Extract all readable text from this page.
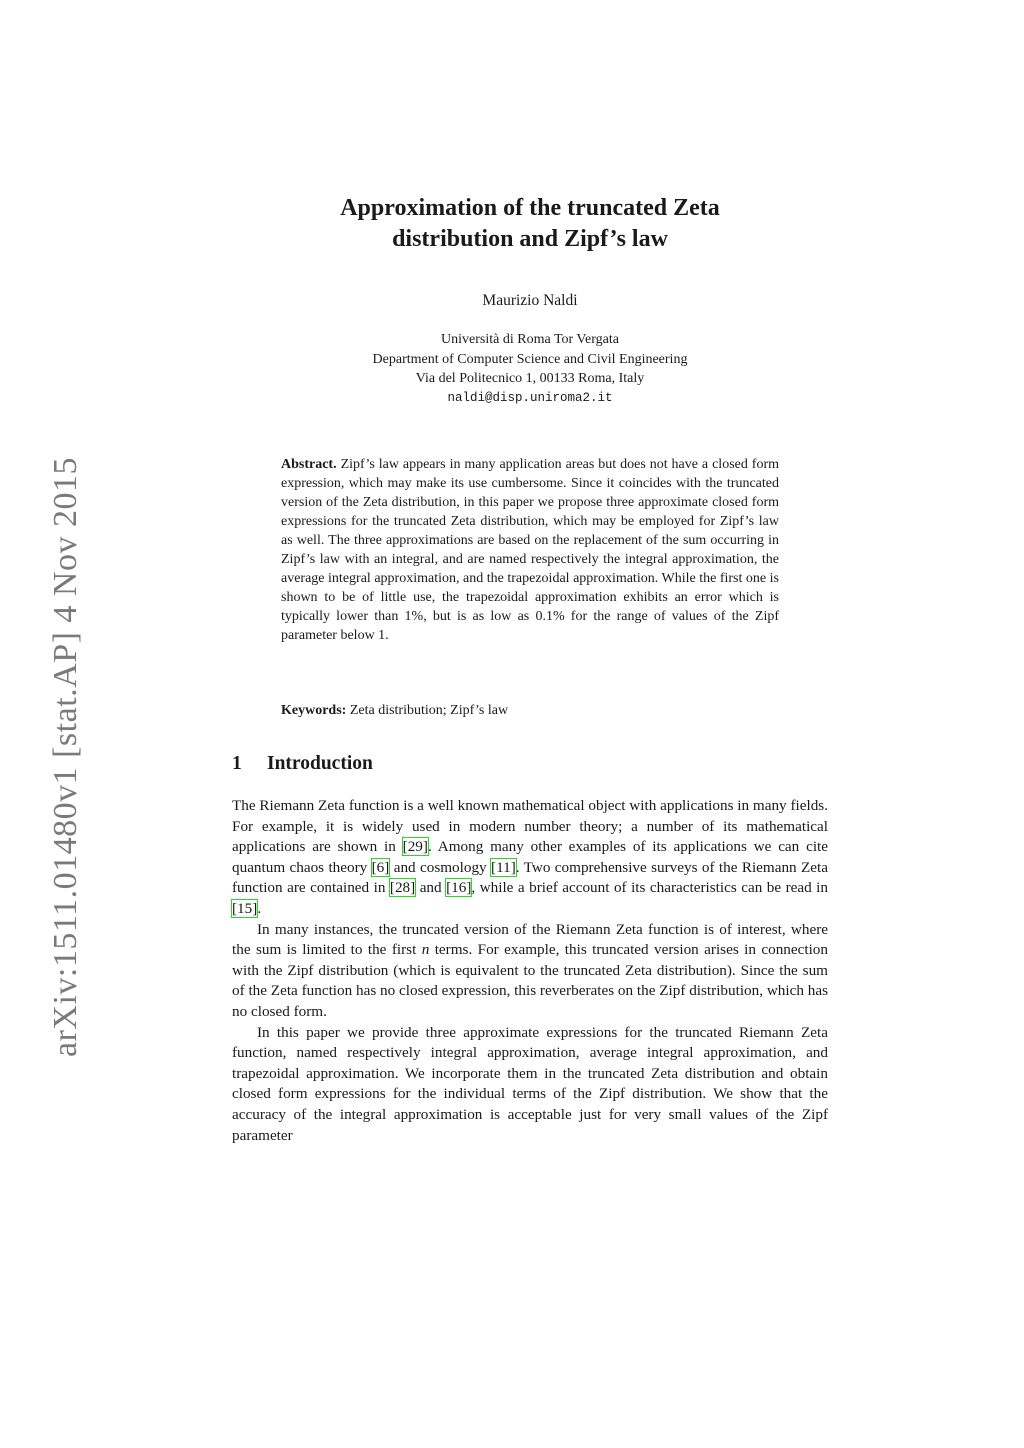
arXiv:1511.01480v1 [stat.AP] 4 Nov 2015
Approximation of the truncated Zeta
distribution and Zipf’s law
Maurizio Naldi
Università di Roma Tor Vergata
Department of Computer Science and Civil Engineering
Via del Politecnico 1, 00133 Roma, Italy
naldi@disp.uniroma2.it
Abstract. Zipf’s law appears in many application areas but does not have a closed form expression, which may make its use cumbersome. Since it coincides with the truncated version of the Zeta distribution, in this paper we propose three approximate closed form expressions for the truncated Zeta distribution, which may be employed for Zipf’s law as well. The three approximations are based on the replacement of the sum occurring in Zipf’s law with an integral, and are named respectively the integral approximation, the average integral approximation, and the trapezoidal approximation. While the first one is shown to be of little use, the trapezoidal approximation exhibits an error which is typically lower than 1%, but is as low as 0.1% for the range of values of the Zipf parameter below 1.
Keywords: Zeta distribution; Zipf’s law
1 Introduction

The Riemann Zeta function is a well known mathematical object with applications in many fields. For example, it is widely used in modern number theory; a number of its mathematical applications are shown in [29]. Among many other examples of its applications we can cite quantum chaos theory [6] and cosmology [11]. Two comprehensive surveys of the Riemann Zeta function are contained in [28] and [16], while a brief account of its characteristics can be read in [15].

In many instances, the truncated version of the Riemann Zeta function is of interest, where the sum is limited to the first n terms. For example, this truncated version arises in connection with the Zipf distribution (which is equivalent to the truncated Zeta distribution). Since the sum of the Zeta function has no closed expression, this reverberates on the Zipf distribution, which has no closed form.

In this paper we provide three approximate expressions for the truncated Riemann Zeta function, named respectively integral approximation, average integral approximation, and trapezoidal approximation. We incorporate them in the truncated Zeta distribution and obtain closed form expressions for the individual terms of the Zipf distribution. We show that the accuracy of the integral approximation is acceptable just for very small values of the Zipf parameter
